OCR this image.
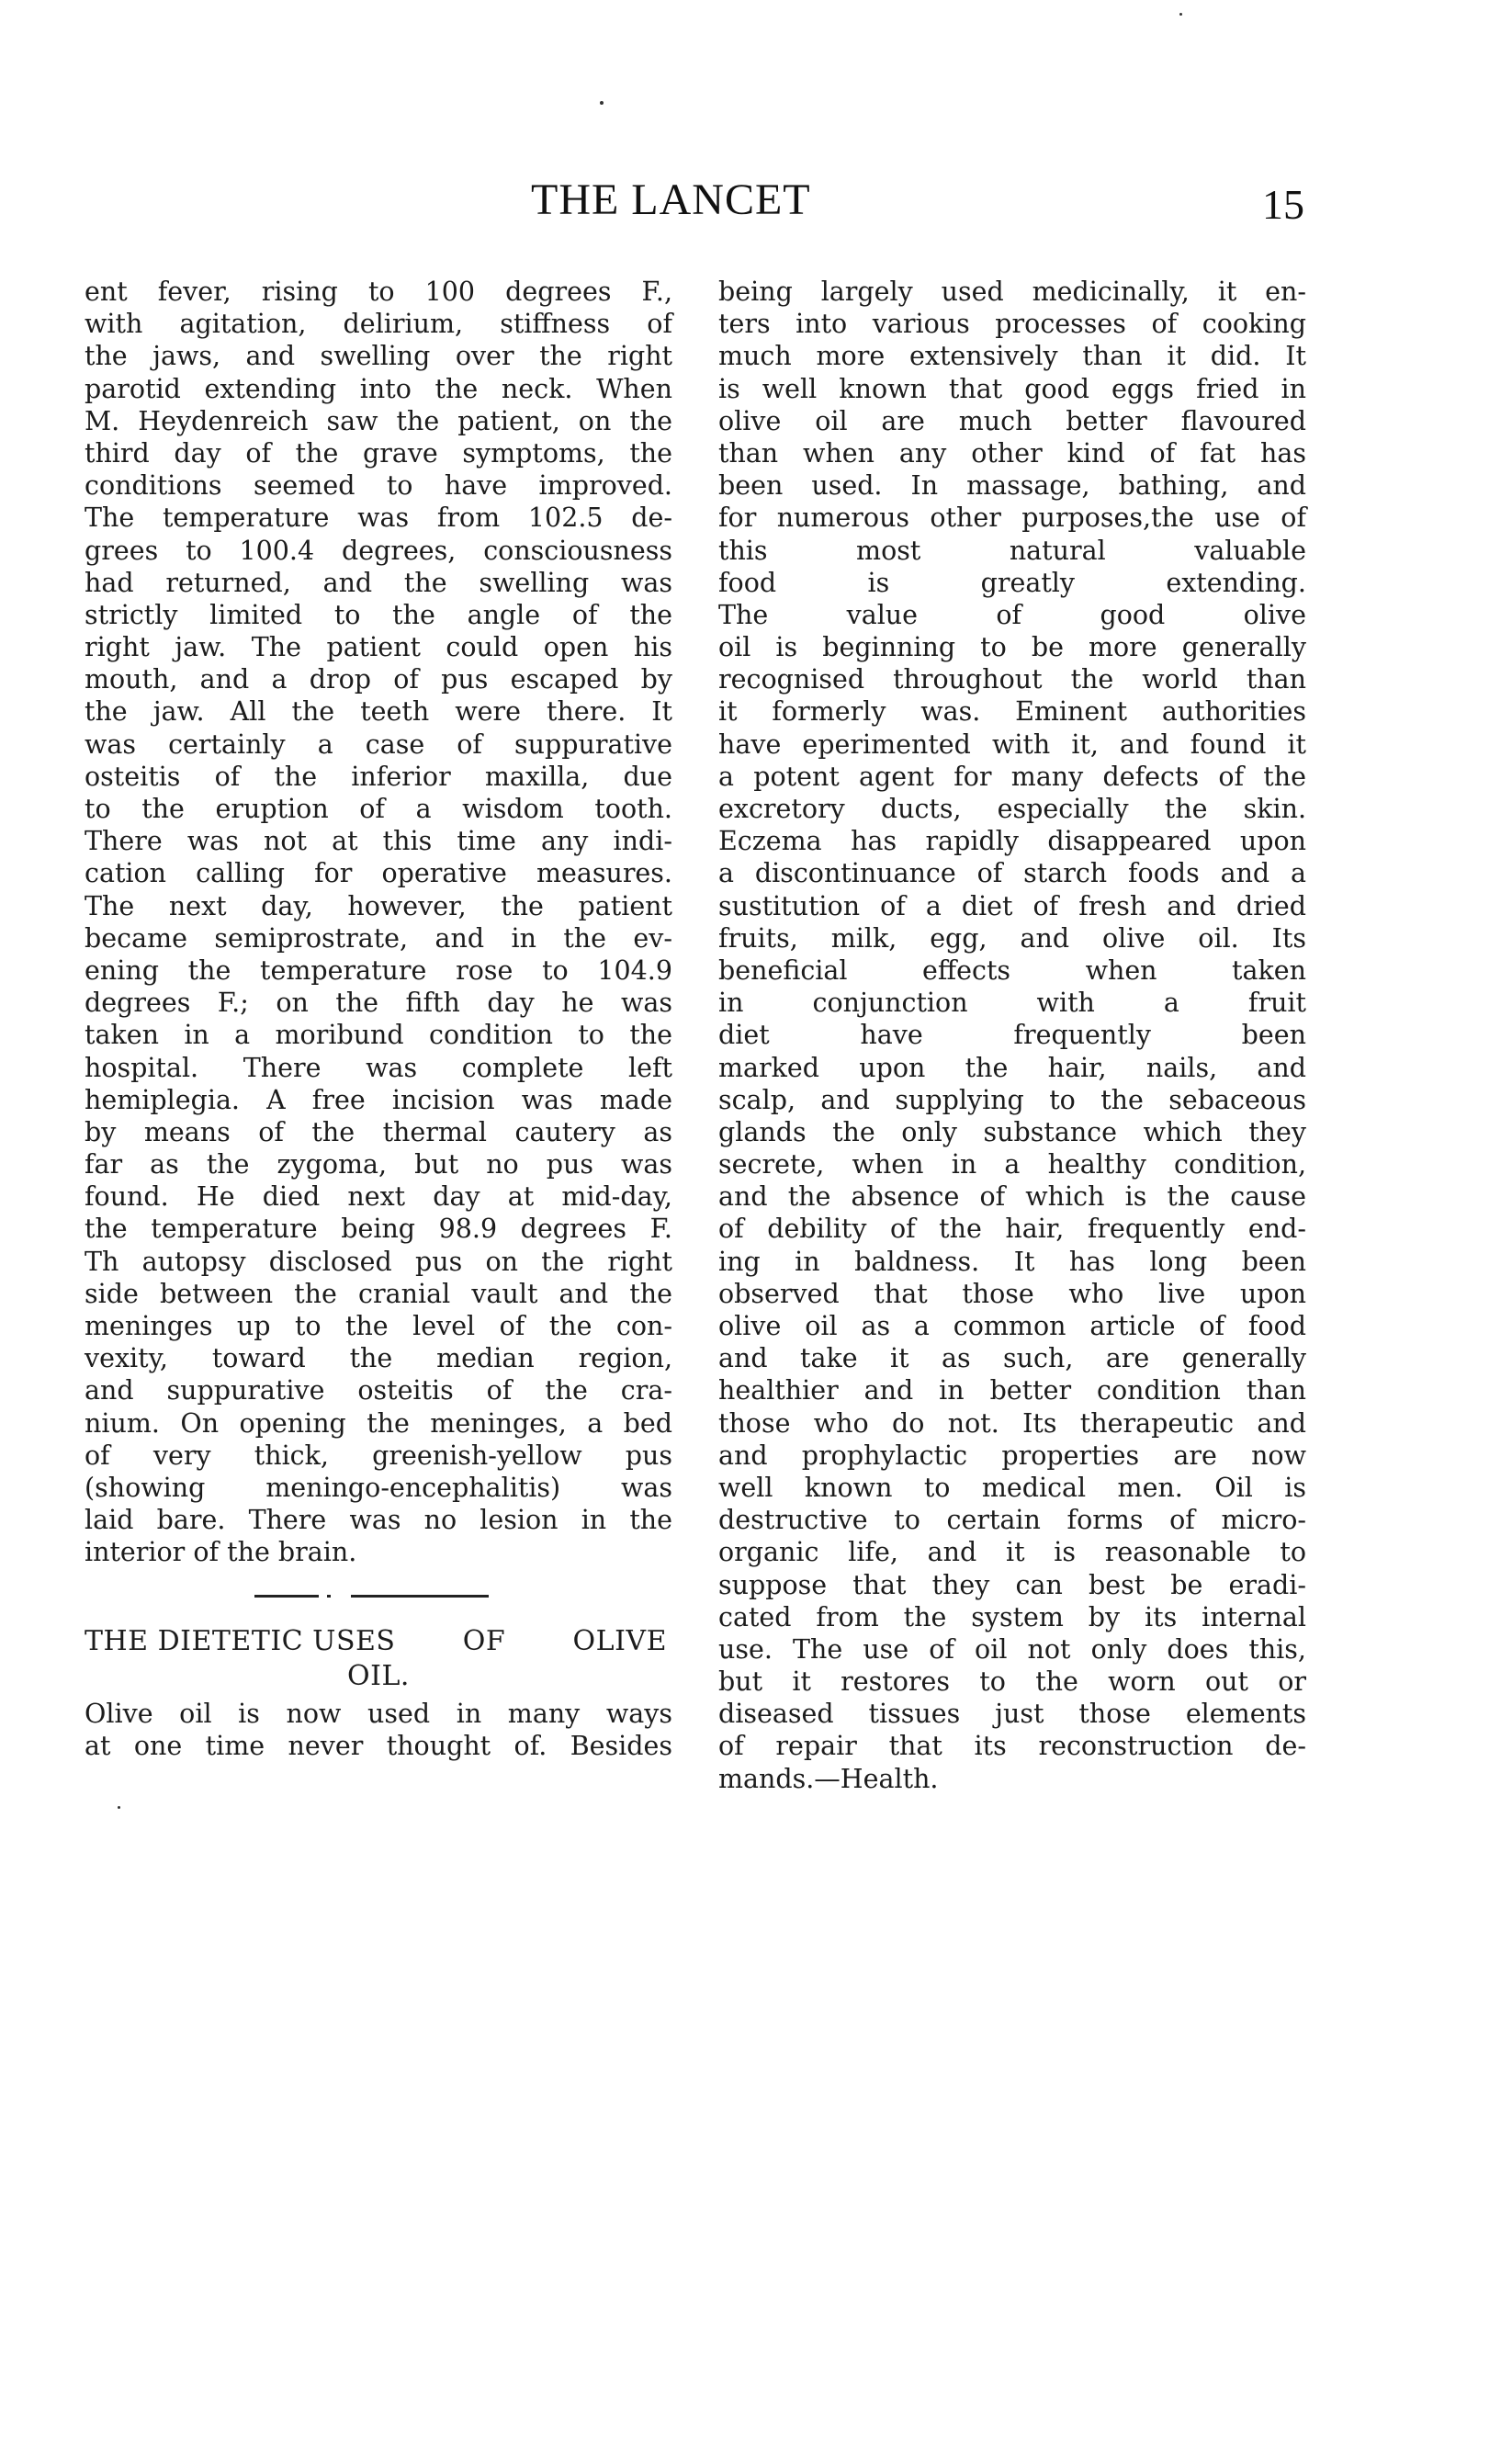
THE LANCET	15
ent fever, rising to 100 degrees F.,
with agitation, delirium, stiffness of
the jaws, and swelling over the right
parotid extending into the neck. When
M. Heydenreich saw the patient, on the
third day of the grave symptoms, the
conditions seemed to have improved.
The temperature was from 102.5 de-
grees to 100.4 degrees, consciousness
had returned, and the swelling was
strictly limited to the angle of the
right jaw. The patient could open his
mouth, and a drop of pus escaped by
the jaw. All the teeth were there. It
was certainly a case of suppurative
osteitis of the inferior maxilla, due
to the eruption of a wisdom tooth.
There was not at this time any indi-
cation calling for operative measures.
The next day, however, the patient
became semiprostrate, and in the ev-
ening the temperature rose to 104.9
degrees F.; on the fifth day he was
taken in a moribund condition to the
hospital. There was complete left
hemiplegia. A free incision was made
by means of the thermal cautery as
far as the zygoma, but no pus was
found. He died next day at mid-day,
the temperature being 98.9 degrees F.
Th autopsy disclosed pus on the right
side between the cranial vault and the
meninges up to the level of the con-
vexity, toward the median region,
and suppurative osteitis of the cra-
nium. On opening the meninges, a bed
of very thick, greenish-yellow pus
(showing meningo-encephalitis) was
laid bare. There was no lesion in the
interior of the brain.
THE DIETETIC USES OF OLIVE
OIL.
Olive oil is now used in many ways
at one time never thought of. Besides
being largely used medicinally, it en-
ters into various processes of cooking
much more extensively than it did. It
is well known that good eggs fried in
olive oil are much better flavoured
than when any other kind of fat has
been used. In massage, bathing, and
for numerous other purposes,the use of
this most natural valuable
food is greatly extending.
The value of good olive
oil is beginning to be more generally
recognised throughout the world than
it formerly was. Eminent authorities
have eperimented with it, and found it
a potent agent for many defects of the
excretory ducts, especially the skin.
Eczema has rapidly disappeared upon
a discontinuance of starch foods and a
sustitution of a diet of fresh and dried
fruits, milk, egg, and olive oil. Its
beneficial effects when taken
in conjunction with a fruit
diet have frequently been
marked upon the hair, nails, and
scalp, and supplying to the sebaceous
glands the only substance which they
secrete, when in a healthy condition,
and the absence of which is the cause
of debility of the hair, frequently end-
ing in baldness. It has long been
observed that those who live upon
olive oil as a common article of food
and take it as such, are generally
healthier and in better condition than
those who do not. Its therapeutic and
and prophylactic properties are now
well known to medical men. Oil is
destructive to certain forms of micro-
organic life, and it is reasonable to
suppose that they can best be eradi-
cated from the system by its internal
use. The use of oil not only does this,
but it restores to the worn out or
diseased tissues just those elements
of repair that its reconstruction de-
mands.—Health.
